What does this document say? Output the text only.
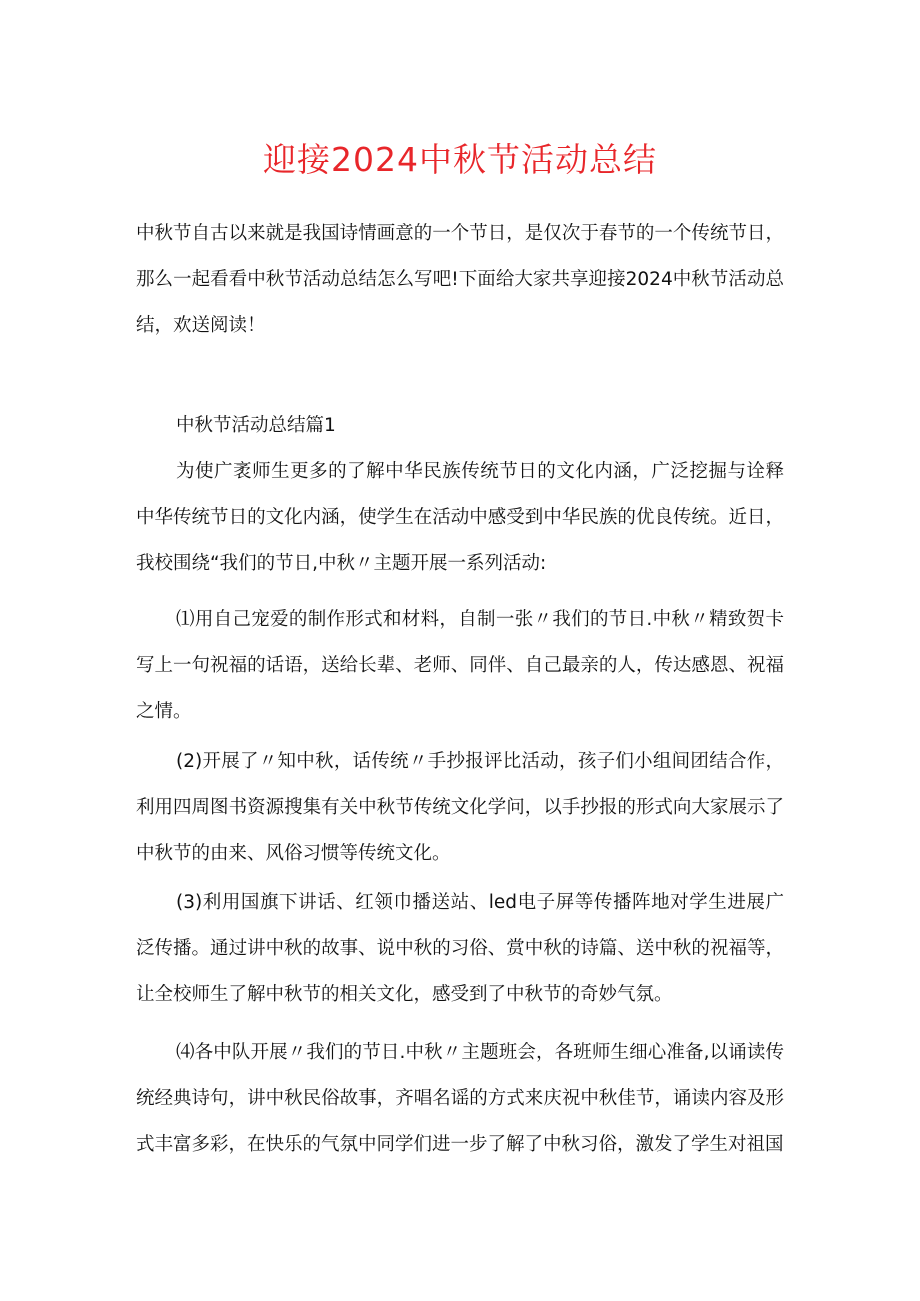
迎接2024中秋节活动总结

中秋节自古以来就是我国诗情画意的一个节日，是仅次于春节的一个传统节日，那么一起看看中秋节活动总结怎么写吧!下面给大家共享迎接2024中秋节活动总结，欢送阅读！

中秋节活动总结篇1

为使广袤师生更多的了解中华民族传统节日的文化内涵，广泛挖掘与诠释中华传统节日的文化内涵，使学生在活动中感受到中华民族的优良传统。近日，我校围绕“我们的节日,中秋〃主题开展一系列活动:

⑴用自己宠爱的制作形式和材料，自制一张〃我们的节日.中秋〃精致贺卡写上一句祝福的话语，送给长辈、老师、同伴、自己最亲的人，传达感恩、祝福之情。

(2)开展了〃知中秋，话传统〃手抄报评比活动，孩子们小组间团结合作，利用四周图书资源搜集有关中秋节传统文化学问，以手抄报的形式向大家展示了中秋节的由来、风俗习惯等传统文化。

(3)利用国旗下讲话、红领巾播送站、led电子屏等传播阵地对学生进展广泛传播。通过讲中秋的故事、说中秋的习俗、赏中秋的诗篇、送中秋的祝福等，让全校师生了解中秋节的相关文化，感受到了中秋节的奇妙气氛。

⑷各中队开展〃我们的节日.中秋〃主题班会，各班师生细心准备,以诵读传统经典诗句，讲中秋民俗故事，齐唱名谣的方式来庆祝中秋佳节，诵读内容及形式丰富多彩，在快乐的气氛中同学们进一步了解了中秋习俗，激发了学生对祖国
